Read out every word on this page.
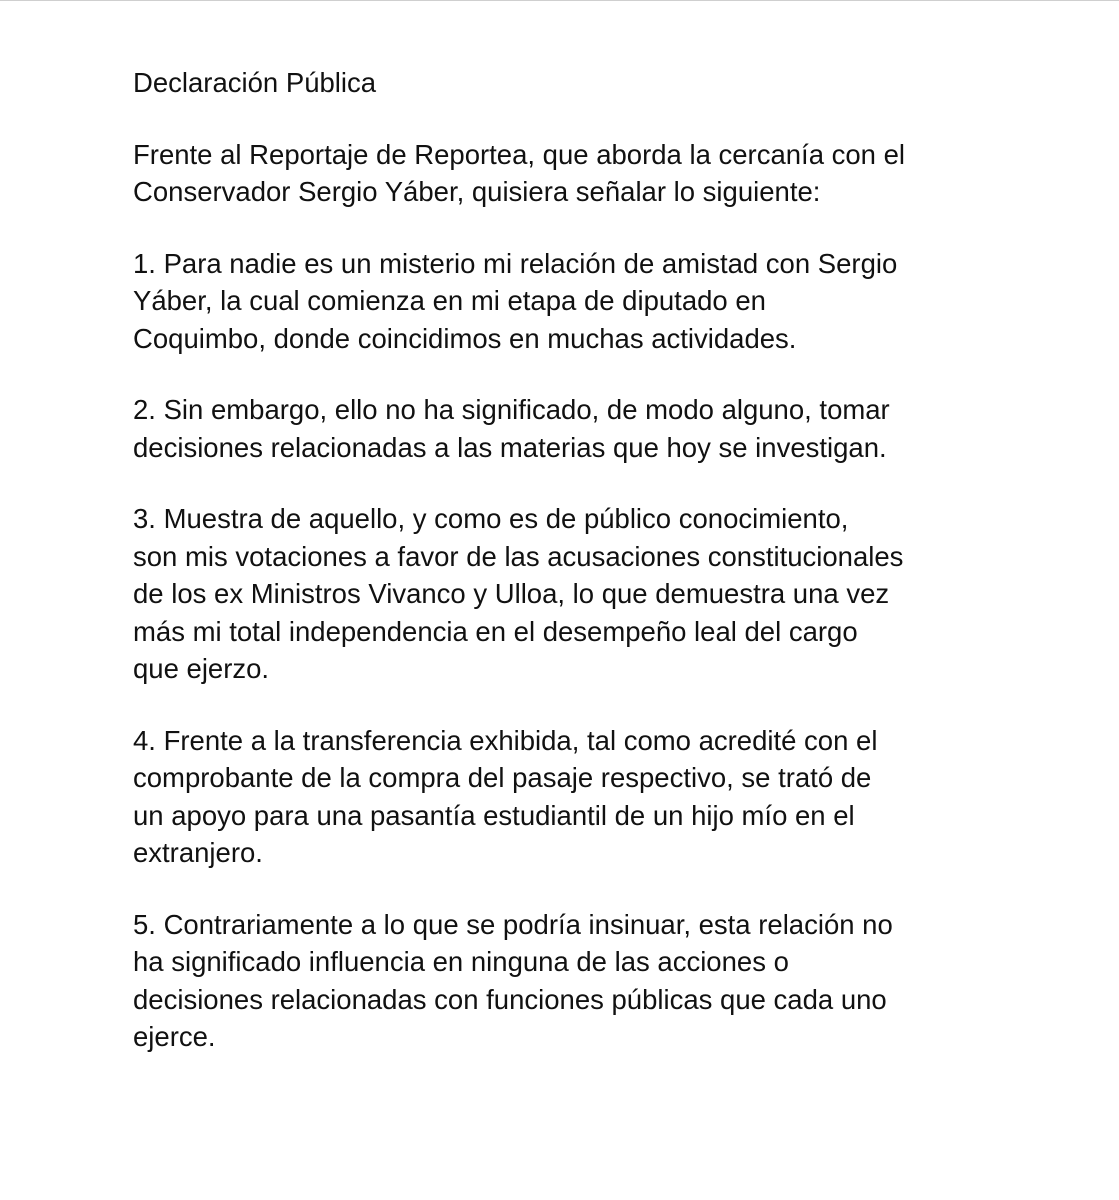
Declaración Pública

Frente al Reportaje de Reportea, que aborda la cercanía con el

Conservador Sergio Yáber, quisiera señalar lo siguiente:

1. Para nadie es un misterio mi relación de amistad con Sergio

Yáber, la cual comienza en mi etapa de diputado en

Coquimbo, donde coincidimos en muchas actividades.

2. Sin embargo, ello no ha significado, de modo alguno, tomar

decisiones relacionadas a las materias que hoy se investigan.

3. Muestra de aquello, y como es de público conocimiento,

son mis votaciones a favor de las acusaciones constitucionales

de los ex Ministros Vivanco y Ulloa, lo que demuestra una vez

más mi total independencia en el desempeño leal del cargo

que ejerzo.

4. Frente a la transferencia exhibida, tal como acredité con el

comprobante de la compra del pasaje respectivo, se trató de

un apoyo para una pasantía estudiantil de un hijo mío en el

extranjero.

5. Contrariamente a lo que se podría insinuar, esta relación no

ha significado influencia en ninguna de las acciones o

decisiones relacionadas con funciones públicas que cada uno

ejerce.
